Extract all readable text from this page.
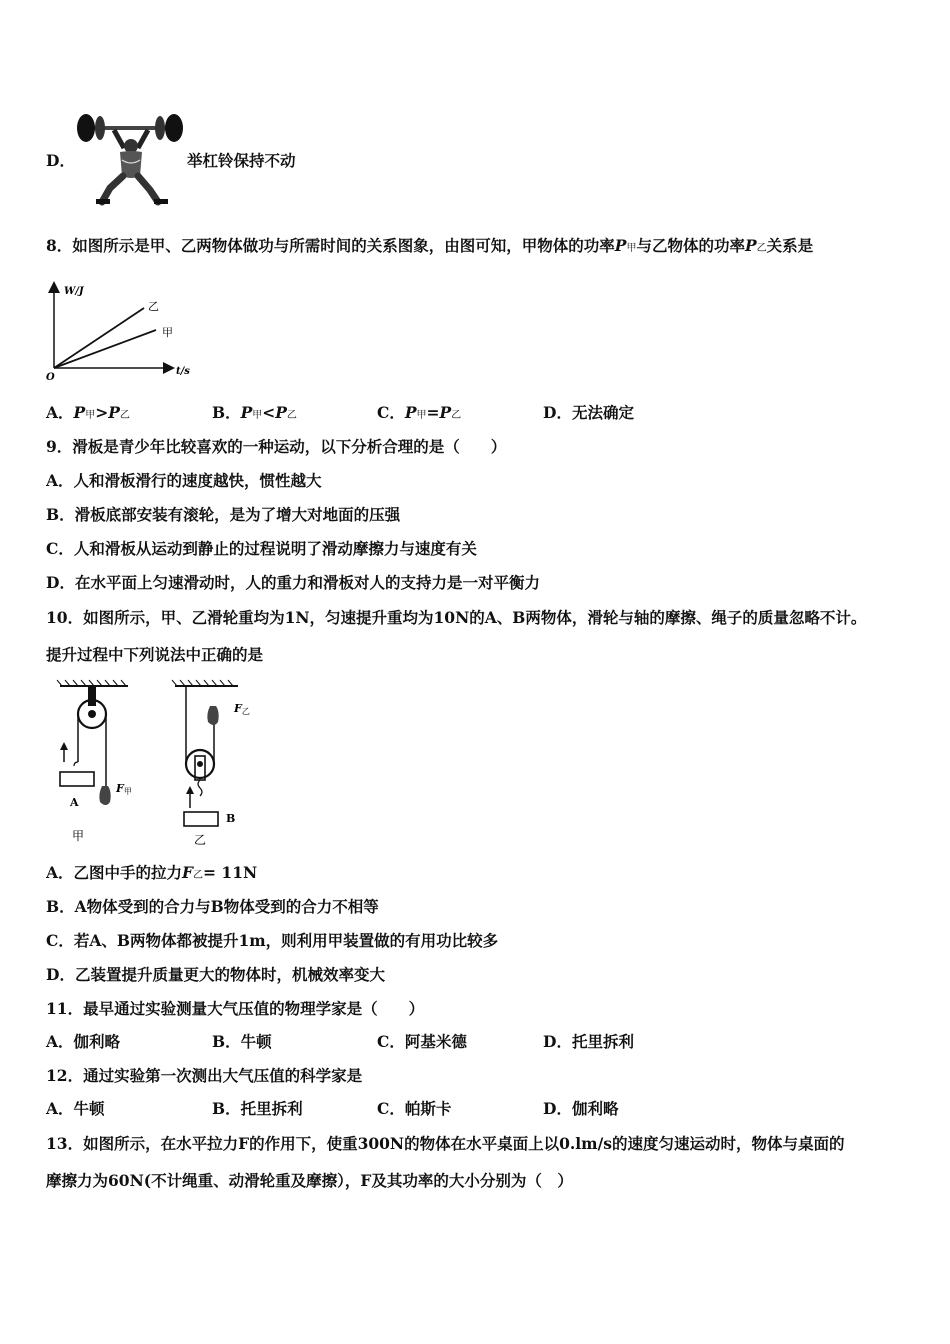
D．	举杠铃保持不动
8．如图所示是甲、乙两物体做功与所需时间的关系图象，由图可知，甲物体的功率P甲与乙物体的功率P乙关系是
W/J
t/s
O
乙
甲
A．P甲>P乙	B．P甲<P乙	C．P甲=P乙	D．无法确定
9．滑板是青少年比较喜欢的一种运动，以下分析合理的是（　　）
A．人和滑板滑行的速度越快，惯性越大
B．滑板底部安装有滚轮，是为了增大对地面的压强
C．人和滑板从运动到静止的过程说明了滑动摩擦力与速度有关
D．在水平面上匀速滑动时，人的重力和滑板对人的支持力是一对平衡力
10．如图所示，甲、乙滑轮重均为1N，匀速提升重均为10N的A、B两物体，滑轮与轴的摩擦、绳子的质量忽略不计。
提升过程中下列说法中正确的是
A
F甲
甲
F乙
B
乙
A．乙图中手的拉力F乙= 11N
B．A物体受到的合力与B物体受到的合力不相等
C．若A、B两物体都被提升1m，则利用甲装置做的有用功比较多
D．乙装置提升质量更大的物体时，机械效率变大
11．最早通过实验测量大气压值的物理学家是（　　）
A．伽利略	B．牛顿	C．阿基米德	D．托里拆利
12．通过实验第一次测出大气压值的科学家是
A．牛顿	B．托里拆利	C．帕斯卡	D．伽利略
13．如图所示，在水平拉力F的作用下，使重300N的物体在水平桌面上以0.lm/s的速度匀速运动时，物体与桌面的
摩擦力为60N(不计绳重、动滑轮重及摩擦），F及其功率的大小分别为（　）
